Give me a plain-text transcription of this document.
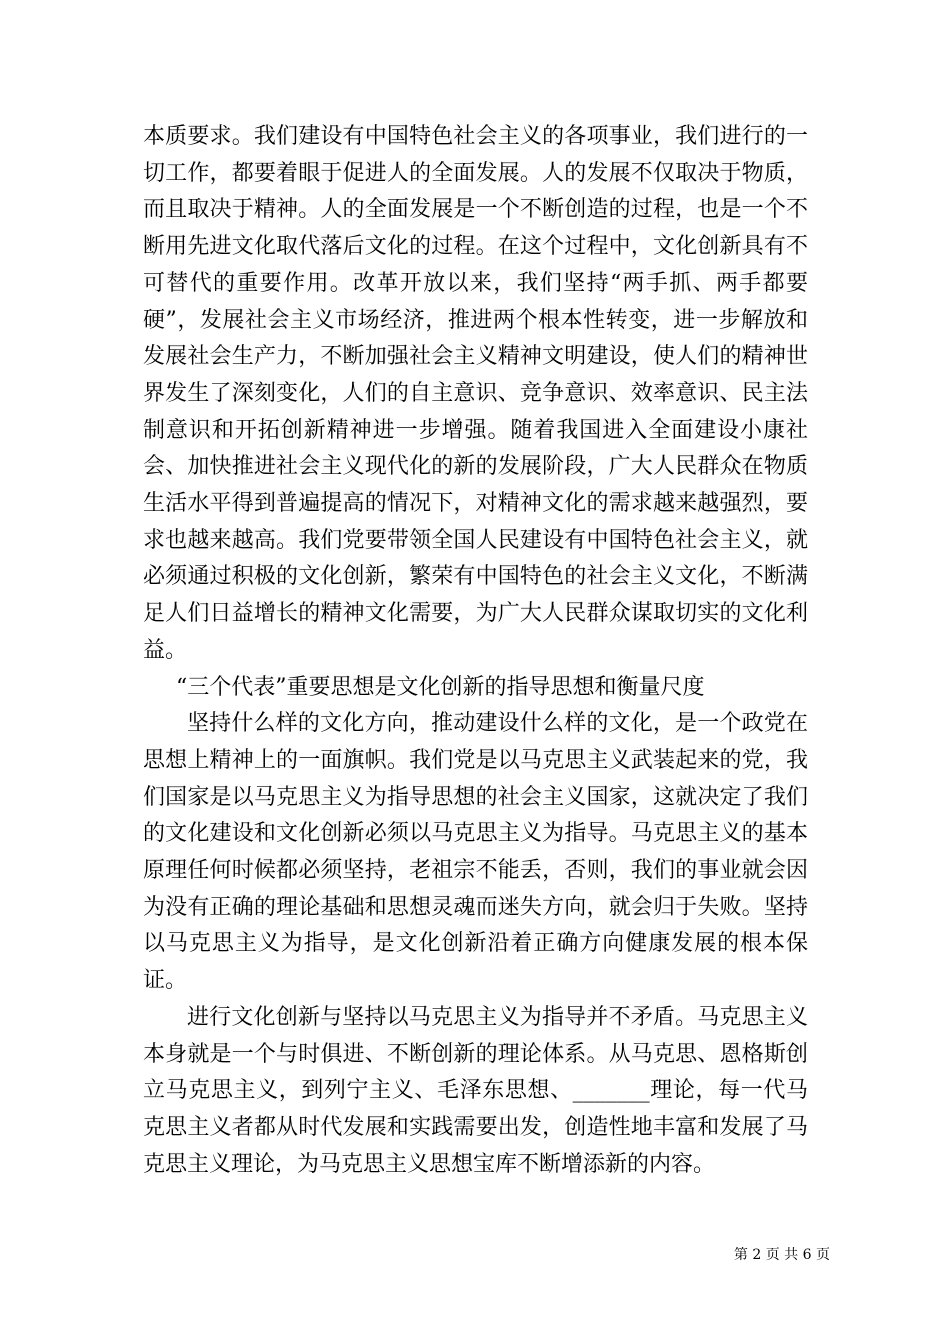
本质要求。我们建设有中国特色社会主义的各项事业，我们进行的一切工作，都要着眼于促进人的全面发展。人的发展不仅取决于物质，而且取决于精神。人的全面发展是一个不断创造的过程，也是一个不断用先进文化取代落后文化的过程。在这个过程中，文化创新具有不可替代的重要作用。改革开放以来，我们坚持“两手抓、两手都要硬”，发展社会主义市场经济，推进两个根本性转变，进一步解放和发展社会生产力，不断加强社会主义精神文明建设，使人们的精神世界发生了深刻变化，人们的自主意识、竞争意识、效率意识、民主法制意识和开拓创新精神进一步增强。随着我国进入全面建设小康社会、加快推进社会主义现代化的新的发展阶段，广大人民群众在物质生活水平得到普遍提高的情况下，对精神文化的需求越来越强烈，要求也越来越高。我们党要带领全国人民建设有中国特色社会主义，就必须通过积极的文化创新，繁荣有中国特色的社会主义文化，不断满足人们日益增长的精神文化需要，为广大人民群众谋取切实的文化利益。

“三个代表”重要思想是文化创新的指导思想和衡量尺度

坚持什么样的文化方向，推动建设什么样的文化，是一个政党在思想上精神上的一面旗帜。我们党是以马克思主义武装起来的党，我们国家是以马克思主义为指导思想的社会主义国家，这就决定了我们的文化建设和文化创新必须以马克思主义为指导。马克思主义的基本原理任何时候都必须坚持，老祖宗不能丢，否则，我们的事业就会因为没有正确的理论基础和思想灵魂而迷失方向，就会归于失败。坚持以马克思主义为指导，是文化创新沿着正确方向健康发展的根本保证。

进行文化创新与坚持以马克思主义为指导并不矛盾。马克思主义本身就是一个与时俱进、不断创新的理论体系。从马克思、恩格斯创立马克思主义，到列宁主义、毛泽东思想、_______理论，每一代马克思主义者都从时代发展和实践需要出发，创造性地丰富和发展了马克思主义理论，为马克思主义思想宝库不断增添新的内容。

第 2 页 共 6 页
